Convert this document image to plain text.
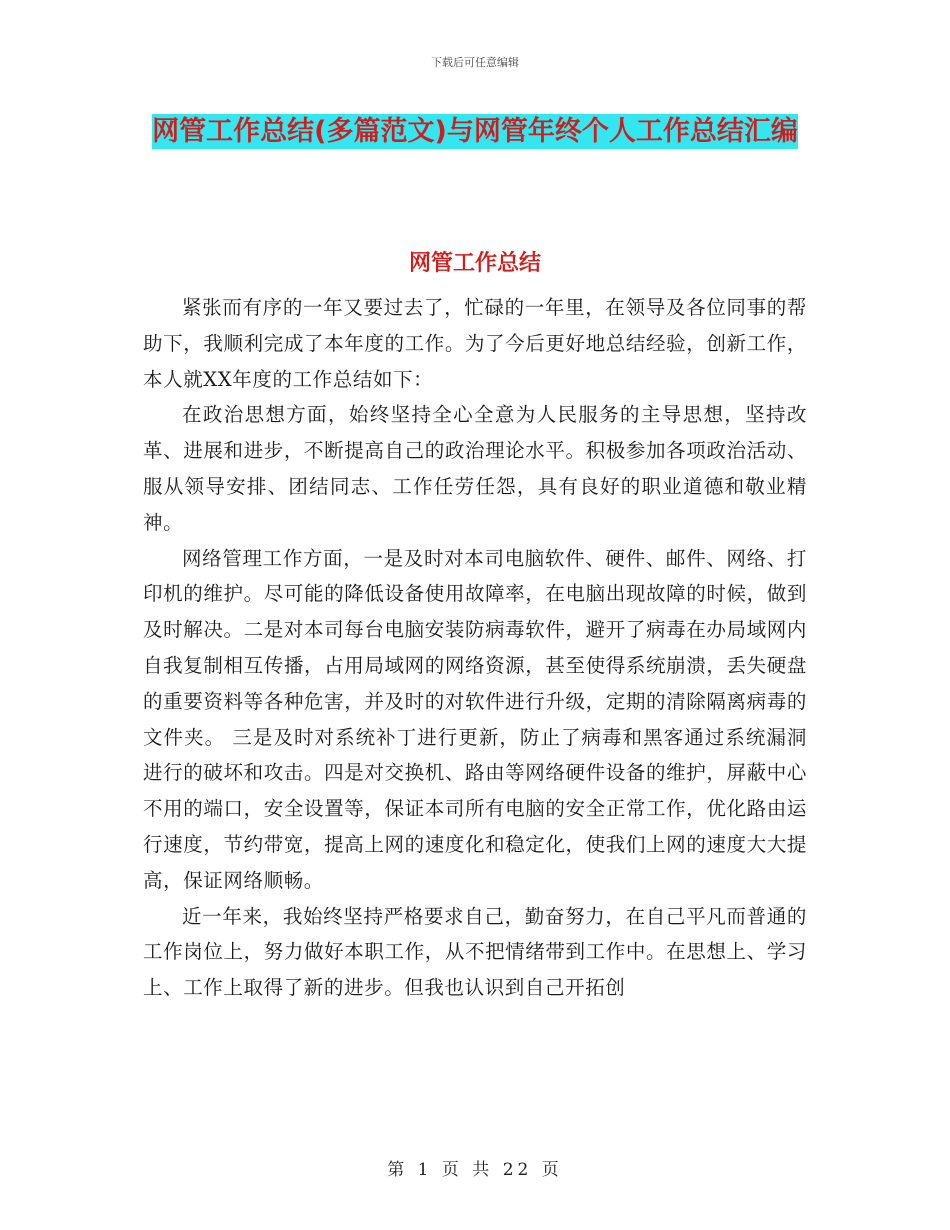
下载后可任意编辑
网管工作总结(多篇范文)与网管年终个人工作总结汇编
网管工作总结

紧张而有序的一年又要过去了，忙碌的一年里，在领导及各位同事的帮助下，我顺利完成了本年度的工作。为了今后更好地总结经验，创新工作，本人就XX年度的工作总结如下：

在政治思想方面，始终坚持全心全意为人民服务的主导思想，坚持改革、进展和进步，不断提高自己的政治理论水平。积极参加各项政治活动、服从领导安排、团结同志、工作任劳任怨，具有良好的职业道德和敬业精神。

网络管理工作方面，一是及时对本司电脑软件、硬件、邮件、网络、打印机的维护。尽可能的降低设备使用故障率，在电脑出现故障的时候，做到及时解决。二是对本司每台电脑安装防病毒软件，避开了病毒在办局域网内自我复制相互传播，占用局域网的网络资源，甚至使得系统崩溃，丢失硬盘的重要资料等各种危害，并及时的对软件进行升级，定期的清除隔离病毒的文件夹。 三是及时对系统补丁进行更新，防止了病毒和黑客通过系统漏洞进行的破坏和攻击。四是对交换机、路由等网络硬件设备的维护，屏蔽中心不用的端口，安全设置等，保证本司所有电脑的安全正常工作，优化路由运行速度，节约带宽，提高上网的速度化和稳定化，使我们上网的速度大大提高，保证网络顺畅。

近一年来，我始终坚持严格要求自己，勤奋努力，在自己平凡而普通的工作岗位上，努力做好本职工作，从不把情绪带到工作中。在思想上、学习上、工作上取得了新的进步。但我也认识到自己开拓创

第 1 页 共 22 页
